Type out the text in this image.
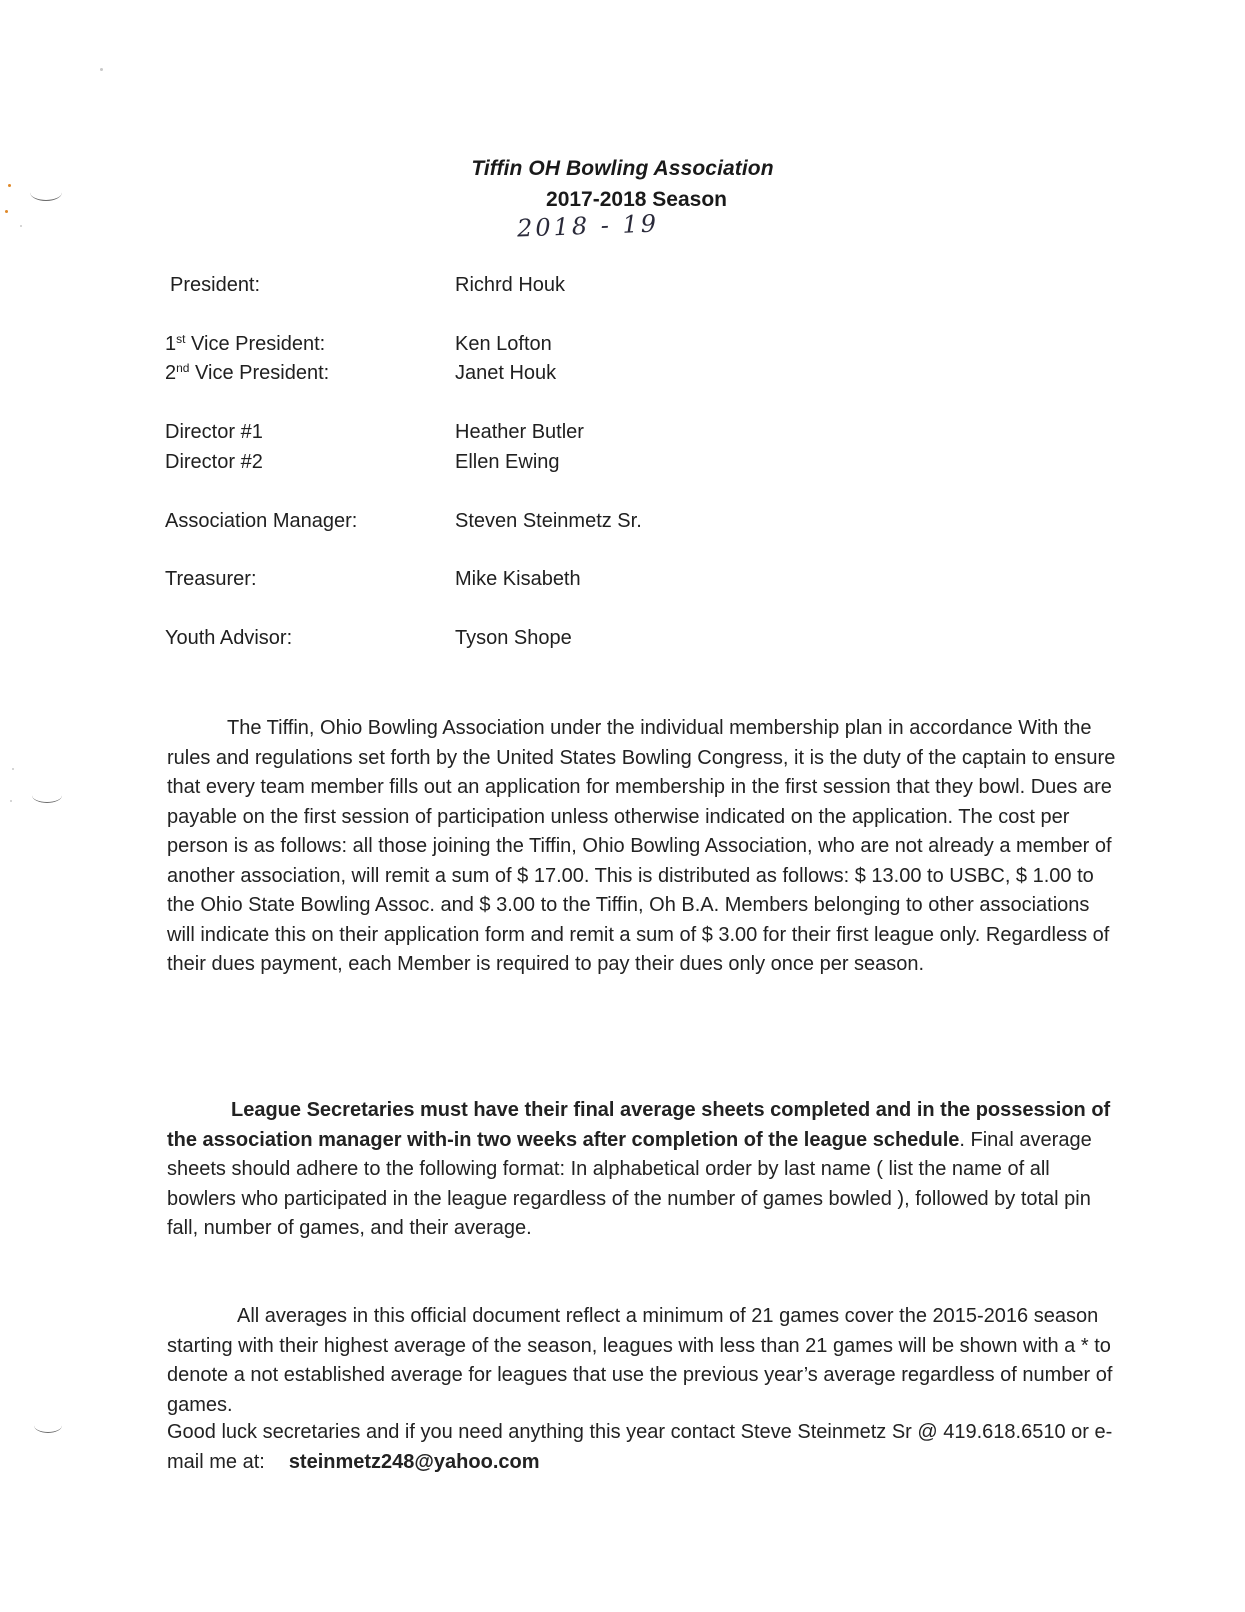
Tiffin OH Bowling Association
2017-2018 Season
2018 - 19
President:	Richrd Houk
1st Vice President:	Ken Lofton
2nd Vice President:	Janet Houk
Director #1	Heather Butler
Director #2	Ellen Ewing
Association Manager:	Steven Steinmetz Sr.
Treasurer:	Mike Kisabeth
Youth Advisor:	Tyson Shope
The Tiffin, Ohio Bowling Association under the individual membership plan in accordance With the rules and regulations set forth by the United States Bowling Congress, it is the duty of the captain to ensure that every team member fills out an application for membership in the first session that they bowl. Dues are payable on the first session of participation unless otherwise indicated on the application. The cost per person is as follows: all those joining the Tiffin, Ohio Bowling Association, who are not already a member of another association, will remit a sum of $ 17.00. This is distributed as follows: $ 13.00 to USBC, $ 1.00 to the Ohio State Bowling Assoc. and $ 3.00 to the Tiffin, Oh B.A. Members belonging to other associations will indicate this on their application form and remit a sum of $ 3.00 for their first league only. Regardless of their dues payment, each Member is required to pay their dues only once per season.
League Secretaries must have their final average sheets completed and in the possession of the association manager with-in two weeks after completion of the league schedule. Final average sheets should adhere to the following format: In alphabetical order by last name ( list the name of all bowlers who participated in the league regardless of the number of games bowled ), followed by total pin fall, number of games, and their average.
All averages in this official document reflect a minimum of 21 games cover the 2015-2016 season starting with their highest average of the season, leagues with less than 21 games will be shown with a * to denote a not established average for leagues that use the previous year’s average regardless of number of games.
Good luck secretaries and if you need anything this year contact Steve Steinmetz Sr @ 419.618.6510 or e-mail me at: steinmetz248@yahoo.com
